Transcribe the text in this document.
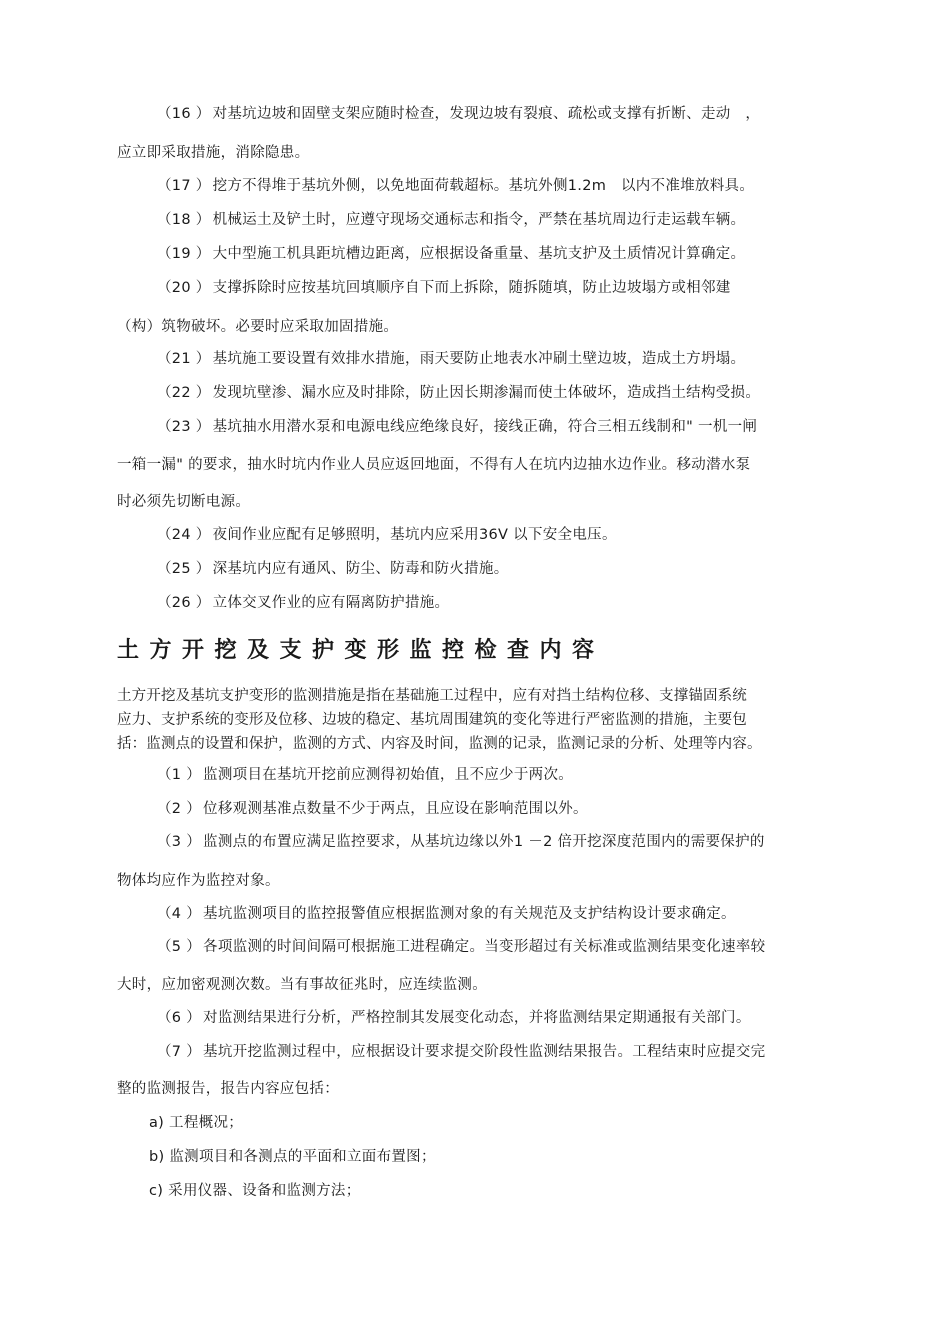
（16 ） 对基坑边坡和固壁支架应随时检查，发现边坡有裂痕、疏松或支撑有折断、走动　，
应立即采取措施，消除隐患。
（17 ） 挖方不得堆于基坑外侧，以免地面荷载超标。基坑外侧1.2m　以内不准堆放料具。
（18 ） 机械运土及铲土时，应遵守现场交通标志和指令，严禁在基坑周边行走运载车辆。
（19 ） 大中型施工机具距坑槽边距离，应根据设备重量、基坑支护及土质情况计算确定。
（20 ） 支撑拆除时应按基坑回填顺序自下而上拆除，随拆随填，防止边坡塌方或相邻建
（构）筑物破坏。必要时应采取加固措施。
（21 ） 基坑施工要设置有效排水措施，雨天要防止地表水冲刷土壁边坡，造成土方坍塌。
（22 ） 发现坑壁渗、漏水应及时排除，防止因长期渗漏而使土体破坏，造成挡土结构受损。
（23 ） 基坑抽水用潜水泵和电源电线应绝缘良好，接线正确，符合三相五线制和" 一机一闸
一箱一漏" 的要求，抽水时坑内作业人员应返回地面，不得有人在坑内边抽水边作业。移动潜水泵
时必须先切断电源。
（24 ） 夜间作业应配有足够照明，基坑内应采用36V 以下安全电压。
（25 ） 深基坑内应有通风、防尘、防毒和防火措施。
（26 ） 立体交叉作业的应有隔离防护措施。
土方开挖及支护变形监控检查内容
土方开挖及基坑支护变形的监测措施是指在基础施工过程中，应有对挡土结构位移、支撑锚固系统
应力、支护系统的变形及位移、边坡的稳定、基坑周围建筑的变化等进行严密监测的措施，主要包
括：监测点的设置和保护，监测的方式、内容及时间，监测的记录，监测记录的分析、处理等内容。
（1 ） 监测项目在基坑开挖前应测得初始值，且不应少于两次。
（2 ） 位移观测基准点数量不少于两点，且应设在影响范围以外。
（3 ） 监测点的布置应满足监控要求，从基坑边缘以外1 －2 倍开挖深度范围内的需要保护的
物体均应作为监控对象。
（4 ） 基坑监测项目的监控报警值应根据监测对象的有关规范及支护结构设计要求确定。
（5 ） 各项监测的时间间隔可根据施工进程确定。当变形超过有关标准或监测结果变化速率较
大时，应加密观测次数。当有事故征兆时，应连续监测。
（6 ） 对监测结果进行分析，严格控制其发展变化动态，并将监测结果定期通报有关部门。
（7 ） 基坑开挖监测过程中，应根据设计要求提交阶段性监测结果报告。工程结束时应提交完
整的监测报告，报告内容应包括：
a) 工程概况；
b) 监测项目和各测点的平面和立面布置图；
c) 采用仪器、设备和监测方法；
